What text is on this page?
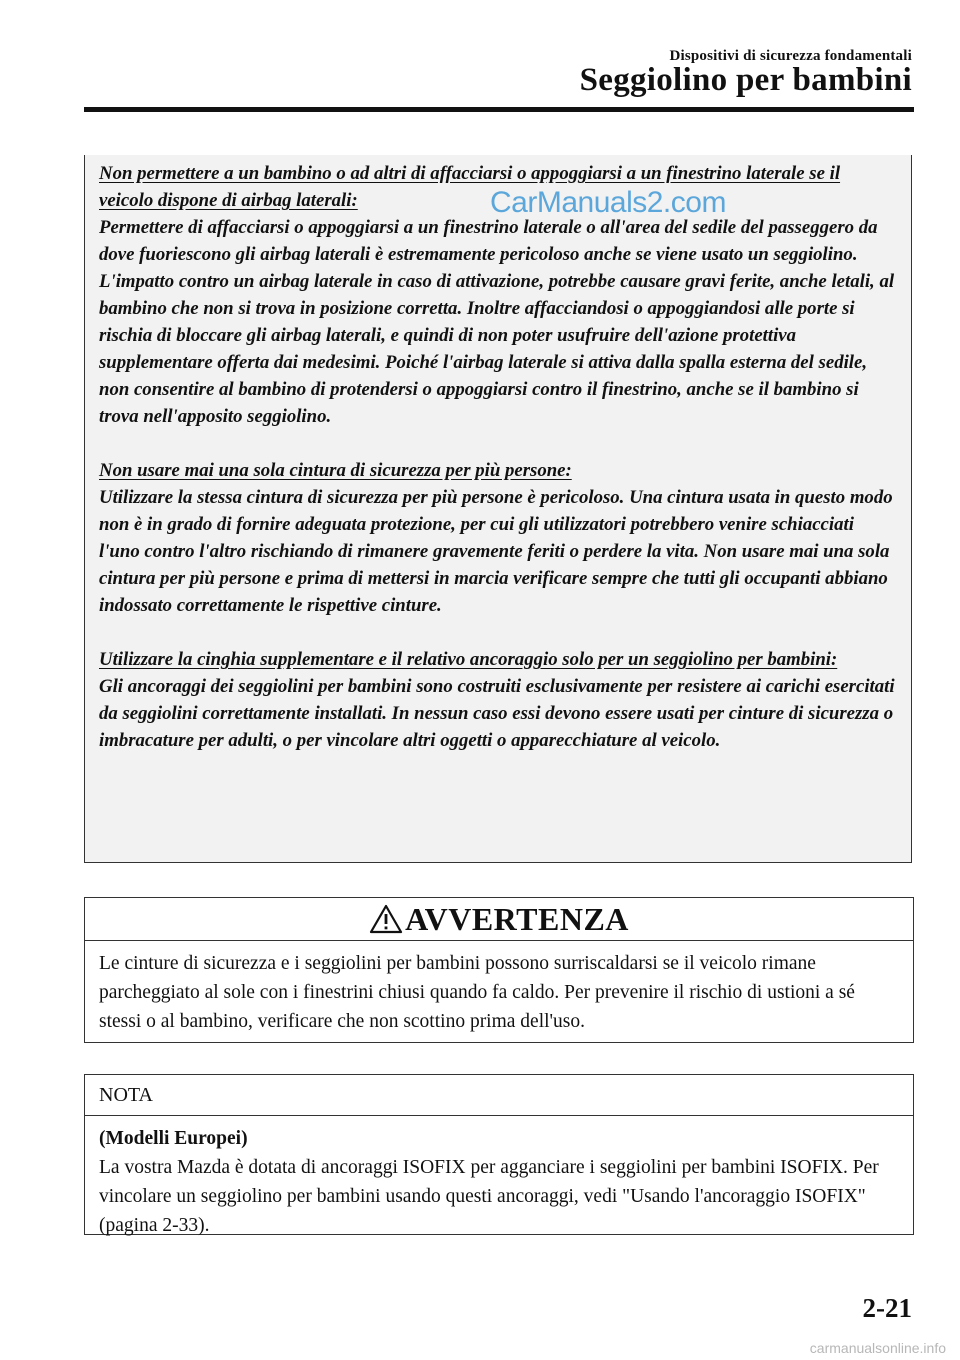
Dispositivi di sicurezza fondamentali
Seggiolino per bambini

Non permettere a un bambino o ad altri di affacciarsi o appoggiarsi a un finestrino laterale se il veicolo dispone di airbag laterali:

Permettere di affacciarsi o appoggiarsi a un finestrino laterale o all'area del sedile del passeggero da dove fuoriescono gli airbag laterali è estremamente pericoloso anche se viene usato un seggiolino. L'impatto contro un airbag laterale in caso di attivazione, potrebbe causare gravi ferite, anche letali, al bambino che non si trova in posizione corretta. Inoltre affacciandosi o appoggiandosi alle porte si rischia di bloccare gli airbag laterali, e quindi di non poter usufruire dell'azione protettiva supplementare offerta dai medesimi. Poiché l'airbag laterale si attiva dalla spalla esterna del sedile, non consentire al bambino di protendersi o appoggiarsi contro il finestrino, anche se il bambino si trova nell'apposito seggiolino.

Non usare mai una sola cintura di sicurezza per più persone:

Utilizzare la stessa cintura di sicurezza per più persone è pericoloso. Una cintura usata in questo modo non è in grado di fornire adeguata protezione, per cui gli utilizzatori potrebbero venire schiacciati l'uno contro l'altro rischiando di rimanere gravemente feriti o perdere la vita. Non usare mai una sola cintura per più persone e prima di mettersi in marcia verificare sempre che tutti gli occupanti abbiano indossato correttamente le rispettive cinture.

Utilizzare la cinghia supplementare e il relativo ancoraggio solo per un seggiolino per bambini:

Gli ancoraggi dei seggiolini per bambini sono costruiti esclusivamente per resistere ai carichi esercitati da seggiolini correttamente installati. In nessun caso essi devono essere usati per cinture di sicurezza o imbracature per adulti, o per vincolare altri oggetti o apparecchiature al veicolo.

CarManuals2.com
AVVERTENZA

Le cinture di sicurezza e i seggiolini per bambini possono surriscaldarsi se il veicolo rimane parcheggiato al sole con i finestrini chiusi quando fa caldo. Per prevenire il rischio di ustioni a sé stessi o al bambino, verificare che non scottino prima dell'uso.

NOTA

(Modelli Europei)

La vostra Mazda è dotata di ancoraggi ISOFIX per agganciare i seggiolini per bambini ISOFIX. Per vincolare un seggiolino per bambini usando questi ancoraggi, vedi "Usando l'ancoraggio ISOFIX" (pagina 2-33).

2-21
carmanualsonline.info
